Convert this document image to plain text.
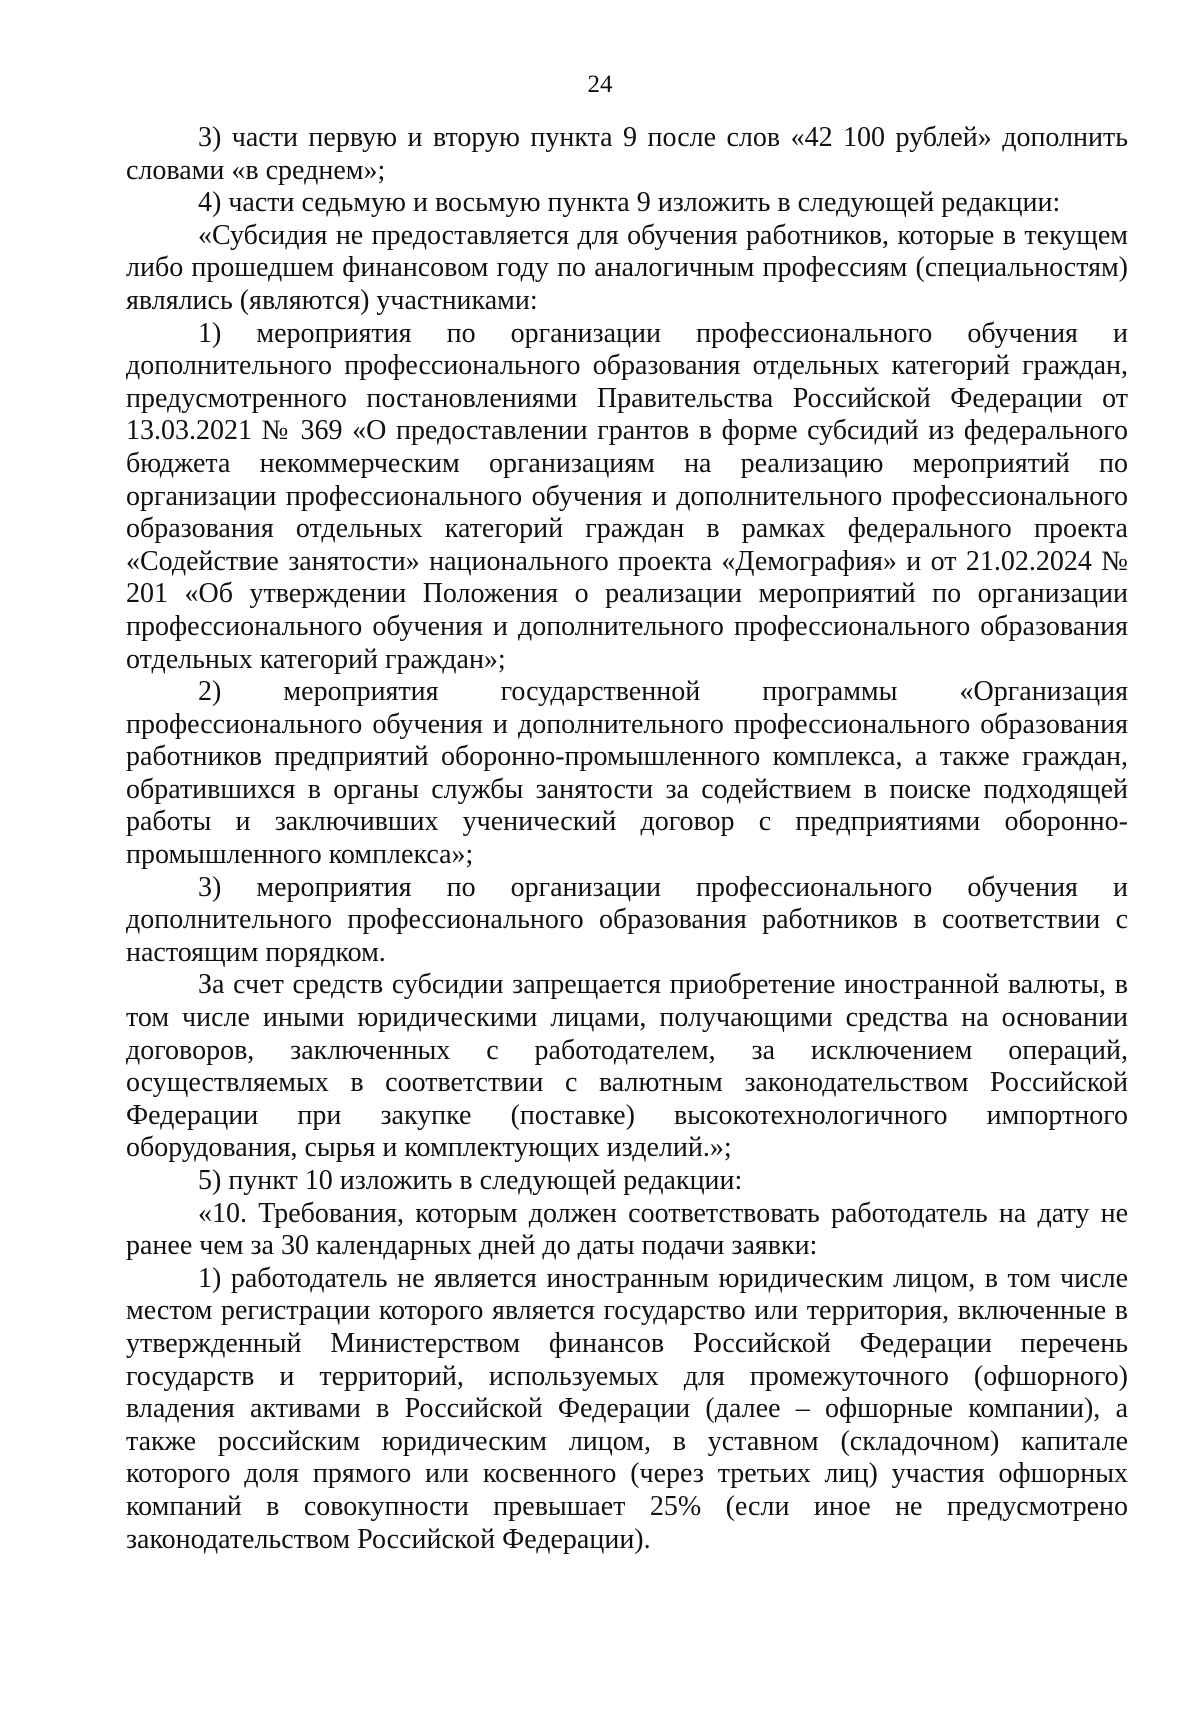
24

3) части первую и вторую пункта 9 после слов «42 100 рублей» дополнить словами «в среднем»;

4) части седьмую и восьмую пункта 9 изложить в следующей редакции:

«Субсидия не предоставляется для обучения работников, которые в текущем либо прошедшем финансовом году по аналогичным профессиям (специальностям) являлись (являются) участниками:

1) мероприятия по организации профессионального обучения и дополнительного профессионального образования отдельных категорий граждан, предусмотренного постановлениями Правительства Российской Федерации от 13.03.2021 № 369 «О предоставлении грантов в форме субсидий из федерального бюджета некоммерческим организациям на реализацию мероприятий по организации профессионального обучения и дополнительного профессионального образования отдельных категорий граждан в рамках федерального проекта «Содействие занятости» национального проекта «Демография» и от 21.02.2024 № 201 «Об утверждении Положения о реализации мероприятий по организации профессионального обучения и дополнительного профессионального образования отдельных категорий граждан»;

2) мероприятия государственной программы «Организация профессионального обучения и дополнительного профессионального образования работников предприятий оборонно-промышленного комплекса, а также граждан, обратившихся в органы службы занятости за содействием в поиске подходящей работы и заключивших ученический договор с предприятиями оборонно-промышленного комплекса»;

3) мероприятия по организации профессионального обучения и дополнительного профессионального образования работников в соответствии с настоящим порядком.

За счет средств субсидии запрещается приобретение иностранной валюты, в том числе иными юридическими лицами, получающими средства на основании договоров, заключенных с работодателем, за исключением операций, осуществляемых в соответствии с валютным законодательством Российской Федерации при закупке (поставке) высокотехнологичного импортного оборудования, сырья и комплектующих изделий.»;

5) пункт 10 изложить в следующей редакции:

«10. Требования, которым должен соответствовать работодатель на дату не ранее чем за 30 календарных дней до даты подачи заявки:

1) работодатель не является иностранным юридическим лицом, в том числе местом регистрации которого является государство или территория, включенные в утвержденный Министерством финансов Российской Федерации перечень государств и территорий, используемых для промежуточного (офшорного) владения активами в Российской Федерации (далее – офшорные компании), а также российским юридическим лицом, в уставном (складочном) капитале которого доля прямого или косвенного (через третьих лиц) участия офшорных компаний в совокупности превышает 25% (если иное не предусмотрено законодательством Российской Федерации).
